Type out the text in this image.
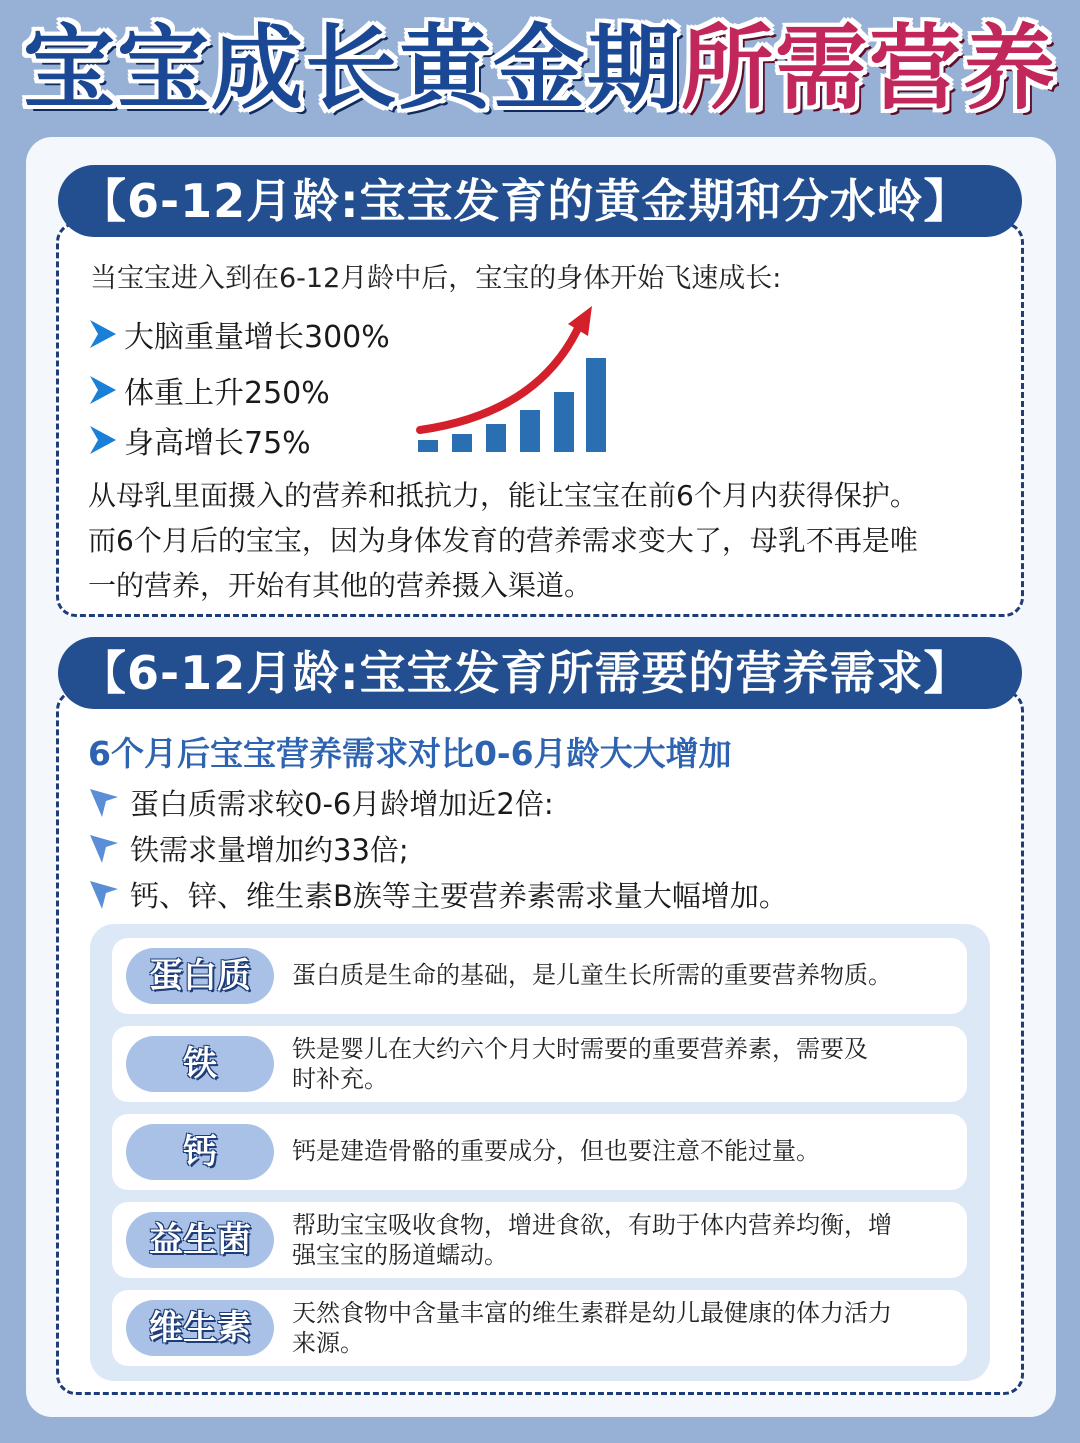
宝宝成长黄金期所需营养
【6-12月龄:宝宝发育的黄金期和分水岭】
当宝宝进入到在6-12月龄中后，宝宝的身体开始飞速成长:
大脑重量增长300%
体重上升250%
身高增长75%
从母乳里面摄入的营养和抵抗力，能让宝宝在前6个月内获得保护。
而6个月后的宝宝，因为身体发育的营养需求变大了，母乳不再是唯
一的营养，开始有其他的营养摄入渠道。
【6-12月龄:宝宝发育所需要的营养需求】
6个月后宝宝营养需求对比0-6月龄大大增加
蛋白质需求较0-6月龄增加近2倍:
铁需求量增加约33倍;
钙、锌、维生素B族等主要营养素需求量大幅增加。
蛋白质	蛋白质是生命的基础，是儿童生长所需的重要营养物质。
铁	铁是婴儿在大约六个月大时需要的重要营养素，需要及
时补充。
钙	钙是建造骨骼的重要成分，但也要注意不能过量。
益生菌	帮助宝宝吸收食物，增进食欲，有助于体内营养均衡，增
强宝宝的肠道蠕动。
维生素	天然食物中含量丰富的维生素群是幼儿最健康的体力活力
来源。
